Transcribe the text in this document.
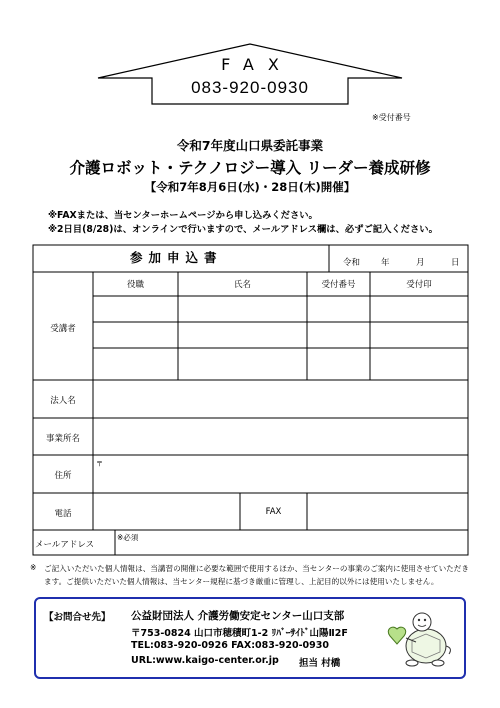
FAX
083-920-0930
※受付番号
令和7年度山口県委託事業
介護ロボット・テクノロジー導入 リーダー養成研修
【令和7年8月6日(水)・28日(木)開催】
※FAXまたは、当センターホームページから申し込みください。
※2日目(8/28)は、オンラインで行いますので、メールアドレス欄は、必ずご記入ください。
参加申込書	令和 年	月	日
役職	氏名	受付番号	受付印
受講者
法人名
事業所名
住所
〒
電話	FAX
メールアドレス
※必須
※ ご記入いただいた個人情報は、当講習の開催に必要な範囲で使用するほか、当センターの事業のご案内に使用させていただき
ます。ご提供いただいた個人情報は、当センター規程に基づき厳重に管理し、上記目的以外には使用いたしません。
【お問合せ先】 公益財団法人 介護労働安定センター山口支部
〒753-0824 山口市穂積町1-2 ﾘﾊﾞｰｻｲﾄﾞ山陽Ⅱ2F
TEL:083-920-0926 FAX:083-920-0930
URL:www.kaigo-center.or.jp 担当 村橋
